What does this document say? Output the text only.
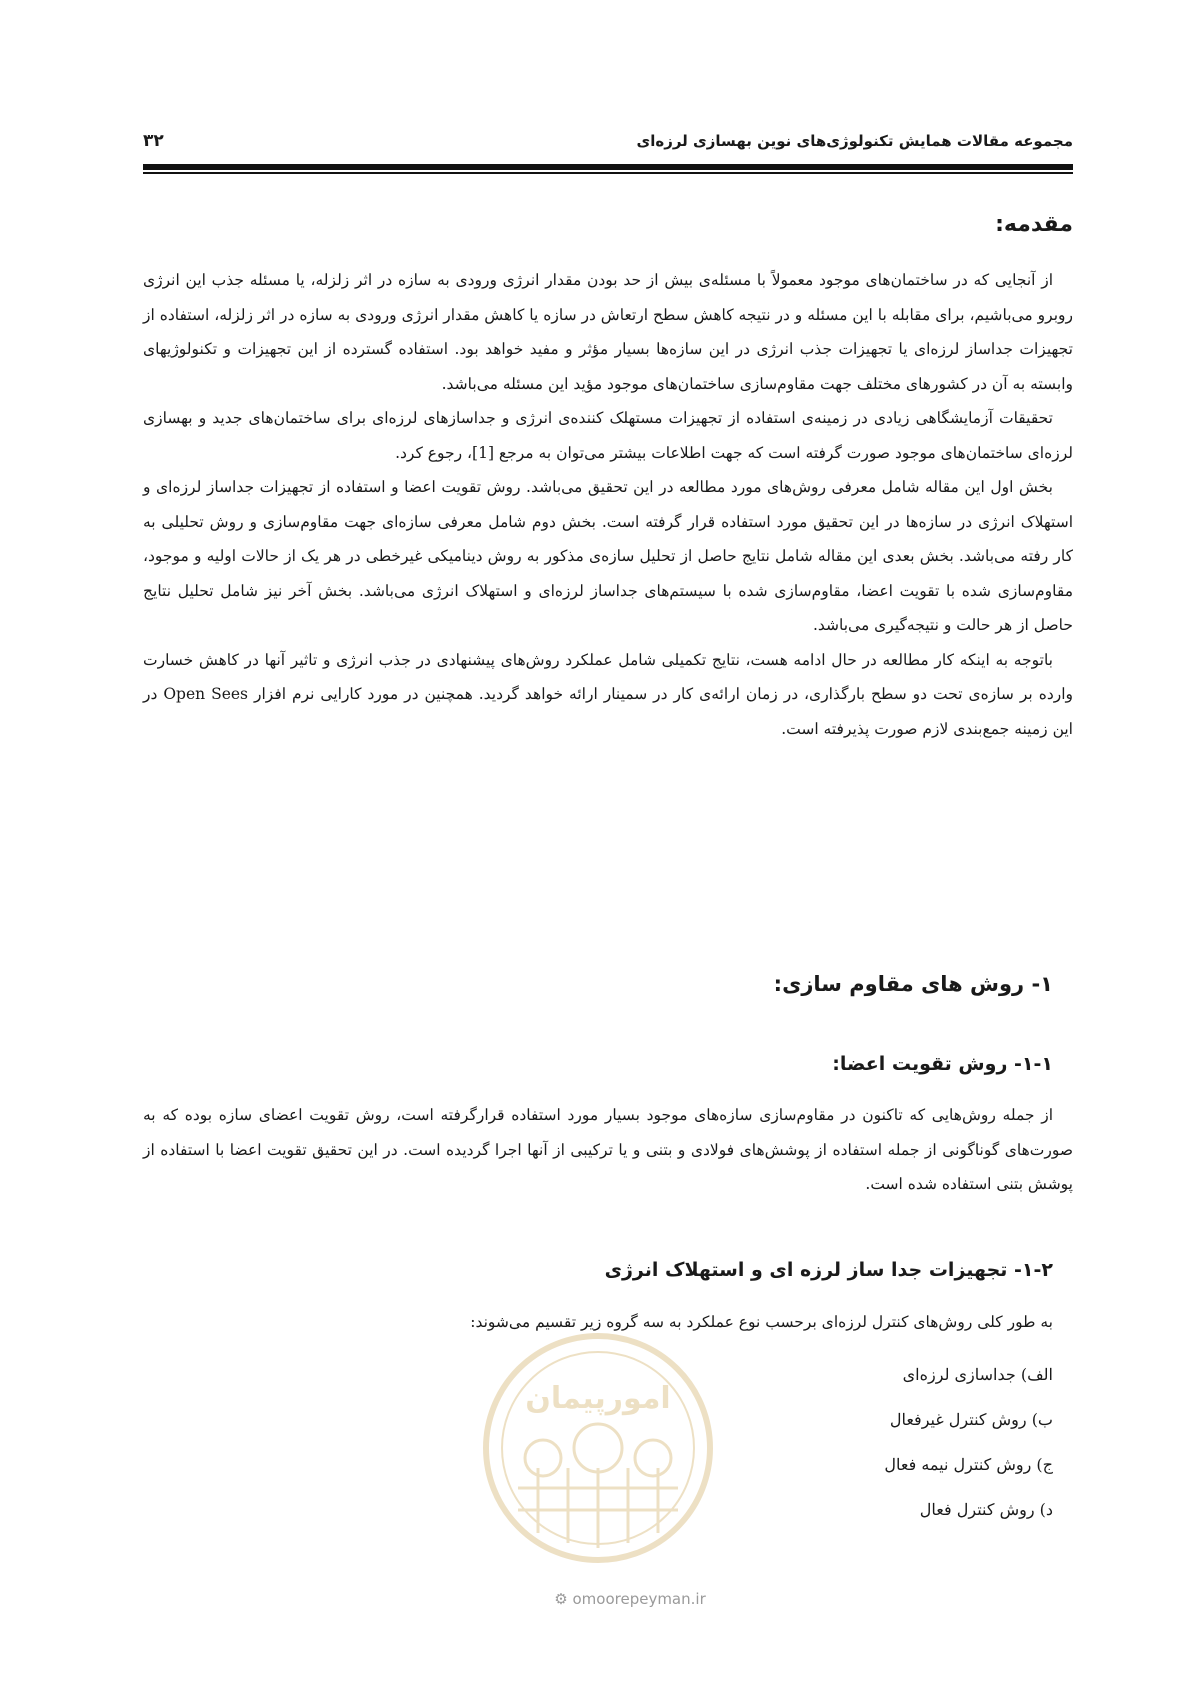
مجموعه مقالات همایش تکنولوژی‌های نوین بهسازی لرزه‌ای
۳۲
مقدمه:

از آنجایی که در ساختمان‌های موجود معمولاً با مسئله‌ی بیش از حد بودن مقدار انرژی ورودی به سازه در اثر زلزله، یا مسئله جذب این انرژی روبرو می‌باشیم، برای مقابله با این مسئله و در نتیجه کاهش سطح ارتعاش در سازه یا کاهش مقدار انرژی ورودی به سازه در اثر زلزله، استفاده از تجهیزات جداساز لرزه‌ای یا تجهیزات جذب انرژی در این سازه‌ها بسیار مؤثر و مفید خواهد بود. استفاده گسترده از این تجهیزات و تکنولوژیهای وابسته به آن در کشورهای مختلف جهت مقاوم‌سازی ساختمان‌های موجود مؤید این مسئله می‌باشد.

تحقیقات آزمایشگاهی زیادی در زمینه‌ی استفاده از تجهیزات مستهلک کننده‌ی انرژی و جداسازهای لرزه‌ای برای ساختمان‌های جدید و بهسازی لرزه‌ای ساختمان‌های موجود صورت گرفته است که جهت اطلاعات بیشتر می‌توان به مرجع [1]، رجوع کرد.

بخش اول این مقاله شامل معرفی روش‌های مورد مطالعه در این تحقیق می‌باشد. روش تقویت اعضا و استفاده از تجهیزات جداساز لرزه‌ای و استهلاک انرژی در سازه‌ها در این تحقیق مورد استفاده قرار گرفته است. بخش دوم شامل معرفی سازه‌ای جهت مقاوم‌سازی و روش تحلیلی به کار رفته می‌باشد. بخش بعدی این مقاله شامل نتایج حاصل از تحلیل سازه‌ی مذکور به روش دینامیکی غیرخطی در هر یک از حالات اولیه و موجود، مقاوم‌سازی شده با تقویت اعضا، مقاوم‌سازی شده با سیستم‌های جداساز لرزه‌ای و استهلاک انرژی می‌باشد. بخش آخر نیز شامل تحلیل نتایج حاصل از هر حالت و نتیجه‌گیری می‌باشد.

باتوجه به اینکه کار مطالعه در حال ادامه هست، نتایج تکمیلی شامل عملکرد روش‌های پیشنهادی در جذب انرژی و تاثیر آنها در کاهش خسارت وارده بر سازه‌ی تحت دو سطح بارگذاری، در زمان ارائه‌ی کار در سمینار ارائه خواهد گردید. همچنین در مورد کارایی نرم افزار Open Sees در این زمینه جمع‌بندی لازم صورت پذیرفته است.

۱- روش های مقاوم سازی:
۱-۱- روش تقویت اعضا:

از جمله روش‌هایی که تاکنون در مقاوم‌سازی سازه‌های موجود بسیار مورد استفاده قرارگرفته است، روش تقویت اعضای سازه بوده که به صورت‌های گوناگونی از جمله استفاده از پوشش‌های فولادی و بتنی و یا ترکیبی از آنها اجرا گردیده است. در این تحقیق تقویت اعضا با استفاده از پوشش بتنی استفاده شده است.

۱-۲- تجهیزات جدا ساز لرزه ای و استهلاک انرژی

به طور کلی روش‌های کنترل لرزه‌ای برحسب نوع عملکرد به سه گروه زیر تقسیم می‌شوند:

الف) جداسازی لرزه‌ای
ب) روش کنترل غیرفعال
ج) روش کنترل نیمه فعال
د) روش کنترل فعال
امورپیمان
⚙ omoorepeyman.ir
